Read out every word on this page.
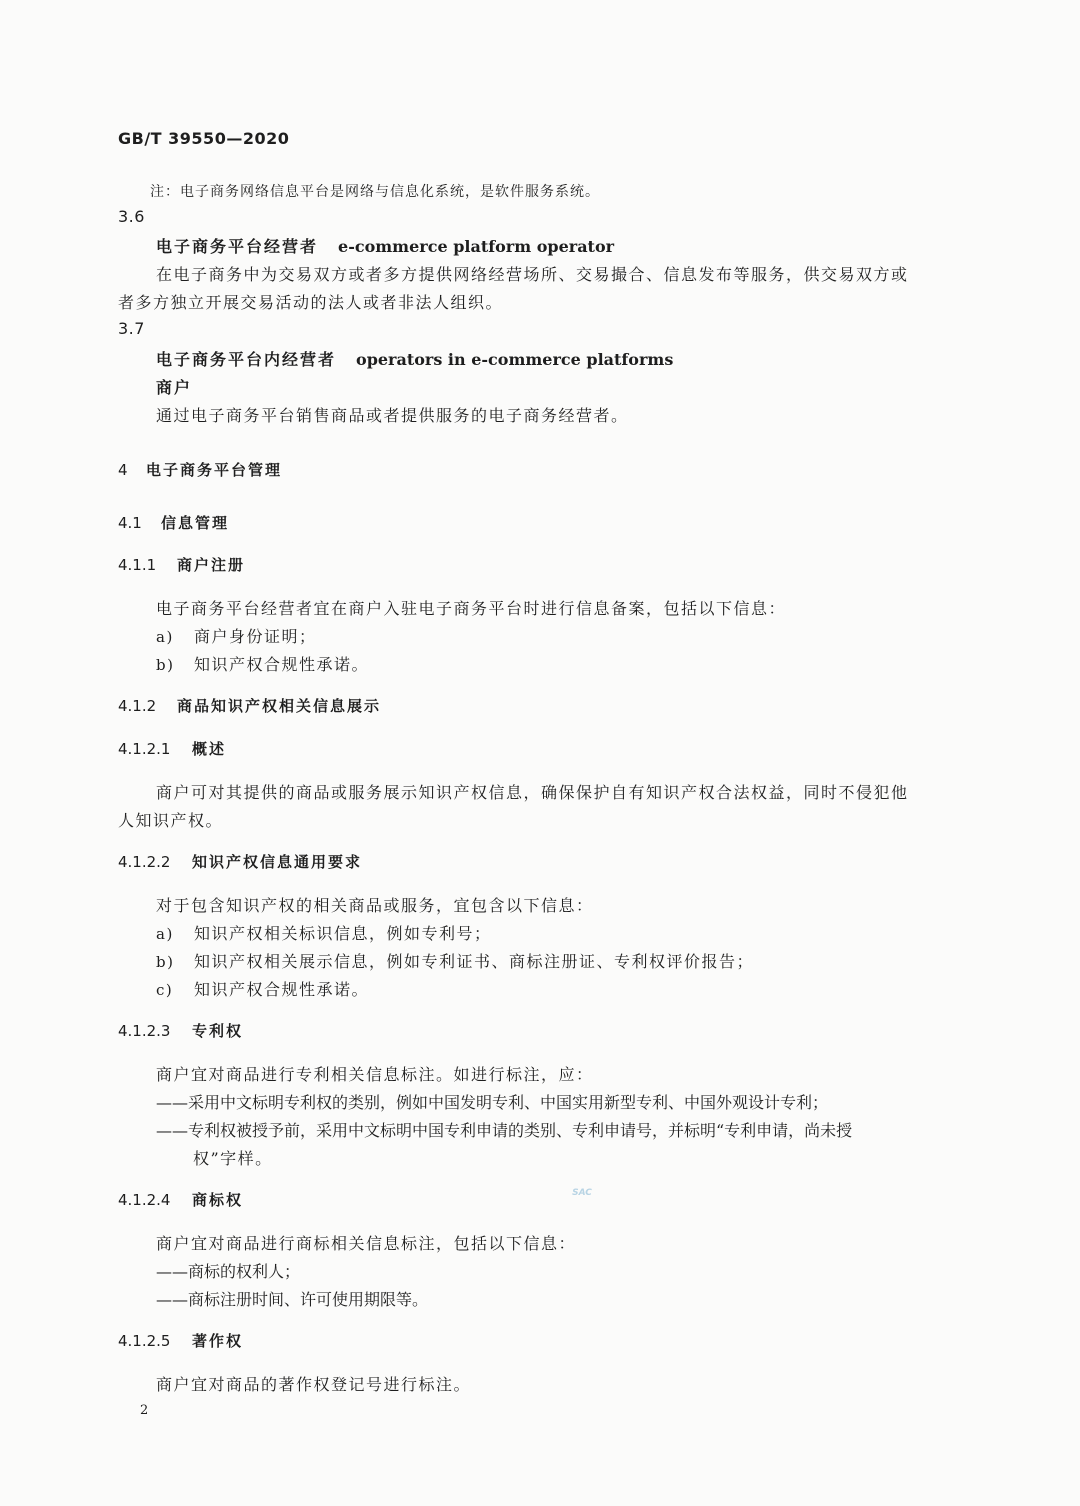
GB/T 39550—2020
注：电子商务网络信息平台是网络与信息化系统，是软件服务系统。
3.6
电子商务平台经营者 e-commerce platform operator
在电子商务中为交易双方或者多方提供网络经营场所、交易撮合、信息发布等服务，供交易双方或
者多方独立开展交易活动的法人或者非法人组织。
3.7
电子商务平台内经营者 operators in e-commerce platforms
商户
通过电子商务平台销售商品或者提供服务的电子商务经营者。
4 电子商务平台管理
4.1 信息管理
4.1.1 商户注册
电子商务平台经营者宜在商户入驻电子商务平台时进行信息备案，包括以下信息：
a) 商户身份证明；
b) 知识产权合规性承诺。
4.1.2 商品知识产权相关信息展示
4.1.2.1 概述
商户可对其提供的商品或服务展示知识产权信息，确保保护自有知识产权合法权益，同时不侵犯他
人知识产权。
4.1.2.2 知识产权信息通用要求
对于包含知识产权的相关商品或服务，宜包含以下信息：
a) 知识产权相关标识信息，例如专利号；
b) 知识产权相关展示信息，例如专利证书、商标注册证、专利权评价报告；
c) 知识产权合规性承诺。
4.1.2.3 专利权
商户宜对商品进行专利相关信息标注。如进行标注，应：
——采用中文标明专利权的类别，例如中国发明专利、中国实用新型专利、中国外观设计专利；
——专利权被授予前，采用中文标明中国专利申请的类别、专利申请号，并标明“专利申请，尚未授
权”字样。
4.1.2.4 商标权	SAC
商户宜对商品进行商标相关信息标注，包括以下信息：
——商标的权利人；
——商标注册时间、许可使用期限等。
4.1.2.5 著作权
商户宜对商品的著作权登记号进行标注。
2
